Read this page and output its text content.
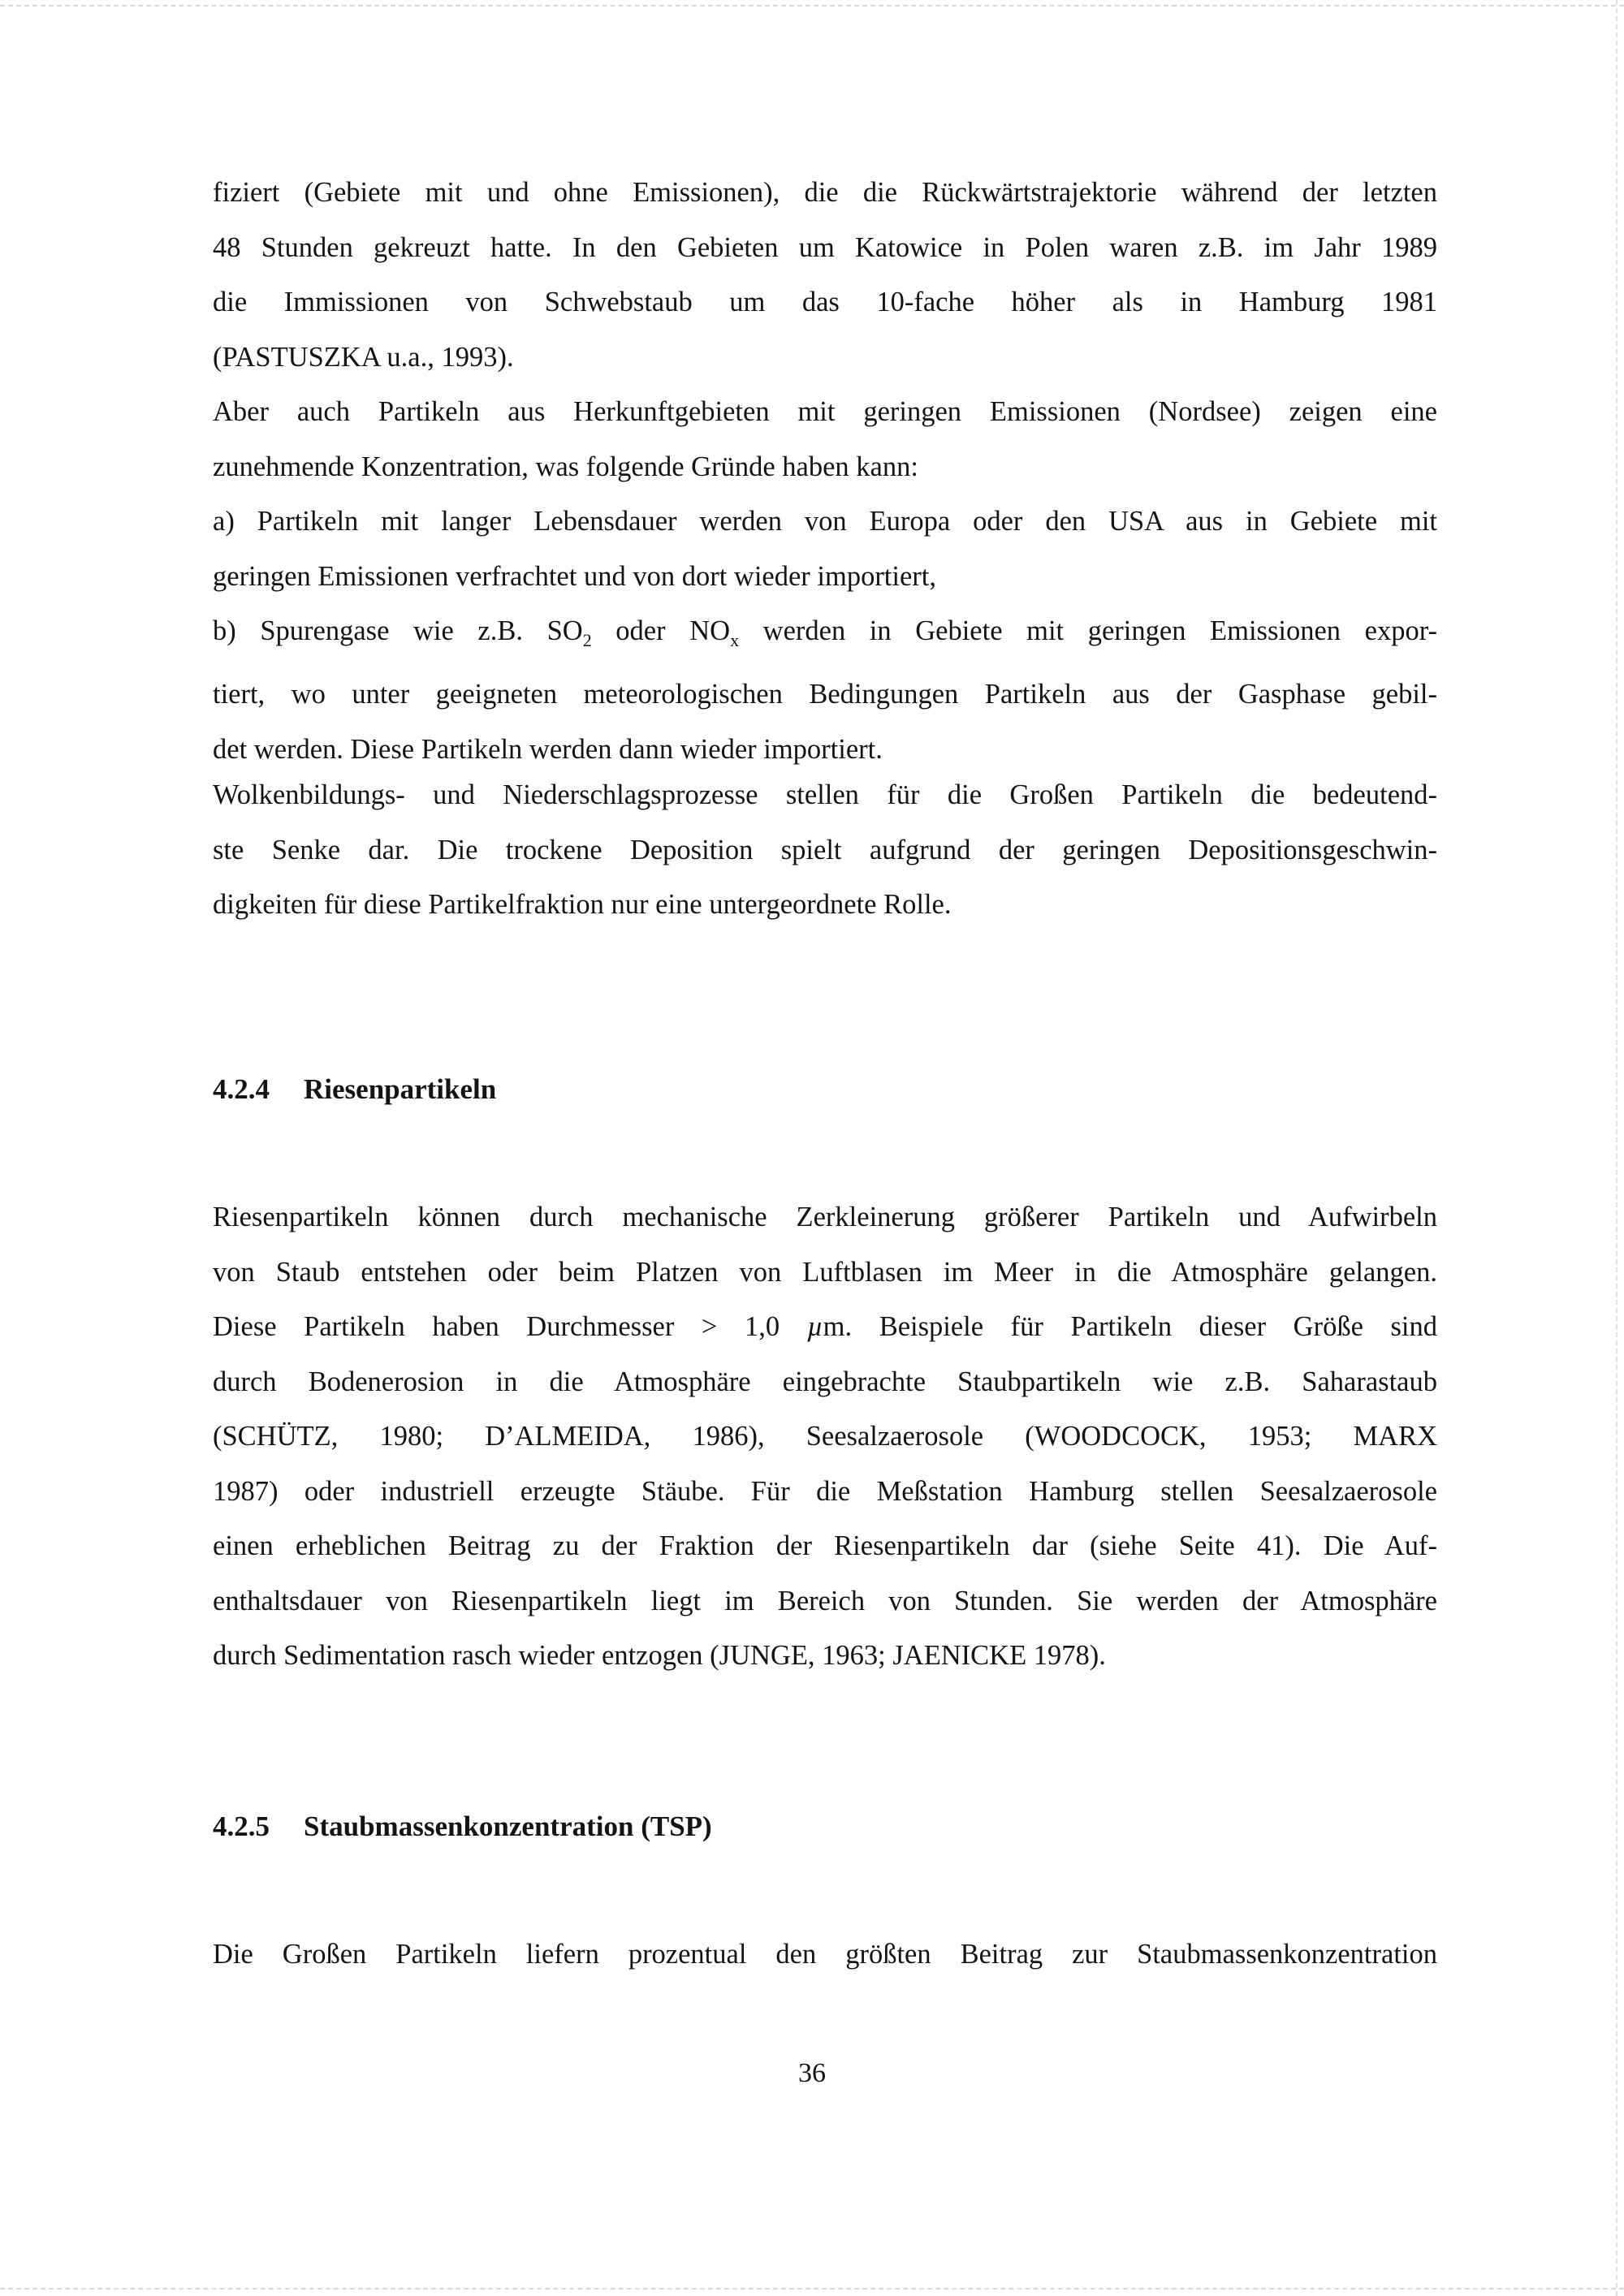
fiziert (Gebiete mit und ohne Emissionen), die die Rückwärtstrajektorie während der letzten
48 Stunden gekreuzt hatte. In den Gebieten um Katowice in Polen waren z.B. im Jahr 1989
die Immissionen von Schwebstaub um das 10-fache höher als in Hamburg 1981
(PASTUSZKA u.a., 1993).

Aber auch Partikeln aus Herkunftgebieten mit geringen Emissionen (Nordsee) zeigen eine
zunehmende Konzentration, was folgende Gründe haben kann:

a) Partikeln mit langer Lebensdauer werden von Europa oder den USA aus in Gebiete mit
geringen Emissionen verfrachtet und von dort wieder importiert,

b) Spurengase wie z.B. $SO_2$ oder $NO_x$ werden in Gebiete mit geringen Emissionen expor-
tiert, wo unter geeigneten meteorologischen Bedingungen Partikeln aus der Gasphase gebil-
det werden. Diese Partikeln werden dann wieder importiert.

Wolkenbildungs- und Niederschlagsprozesse stellen für die Großen Partikeln die bedeutend-
ste Senke dar. Die trockene Deposition spielt aufgrund der geringen Depositionsgeschwin-
digkeiten für diese Partikelfraktion nur eine untergeordnete Rolle.

4.2.4 Riesenpartikeln

Riesenpartikeln können durch mechanische Zerkleinerung größerer Partikeln und Aufwirbeln
von Staub entstehen oder beim Platzen von Luftblasen im Meer in die Atmosphäre gelangen.
Diese Partikeln haben Durchmesser > 1,0 µm. Beispiele für Partikeln dieser Größe sind
durch Bodenerosion in die Atmosphäre eingebrachte Staubpartikeln wie z.B. Saharastaub
(SCHÜTZ, 1980; D’ALMEIDA, 1986), Seesalzaerosole (WOODCOCK, 1953; MARX
1987) oder industriell erzeugte Stäube. Für die Meßstation Hamburg stellen Seesalzaerosole
einen erheblichen Beitrag zu der Fraktion der Riesenpartikeln dar (siehe Seite 41). Die Auf-
enthaltsdauer von Riesenpartikeln liegt im Bereich von Stunden. Sie werden der Atmosphäre
durch Sedimentation rasch wieder entzogen (JUNGE, 1963; JAENICKE 1978).

4.2.5 Staubmassenkonzentration (TSP)

Die Großen Partikeln liefern prozentual den größten Beitrag zur Staubmassenkonzentration

36
